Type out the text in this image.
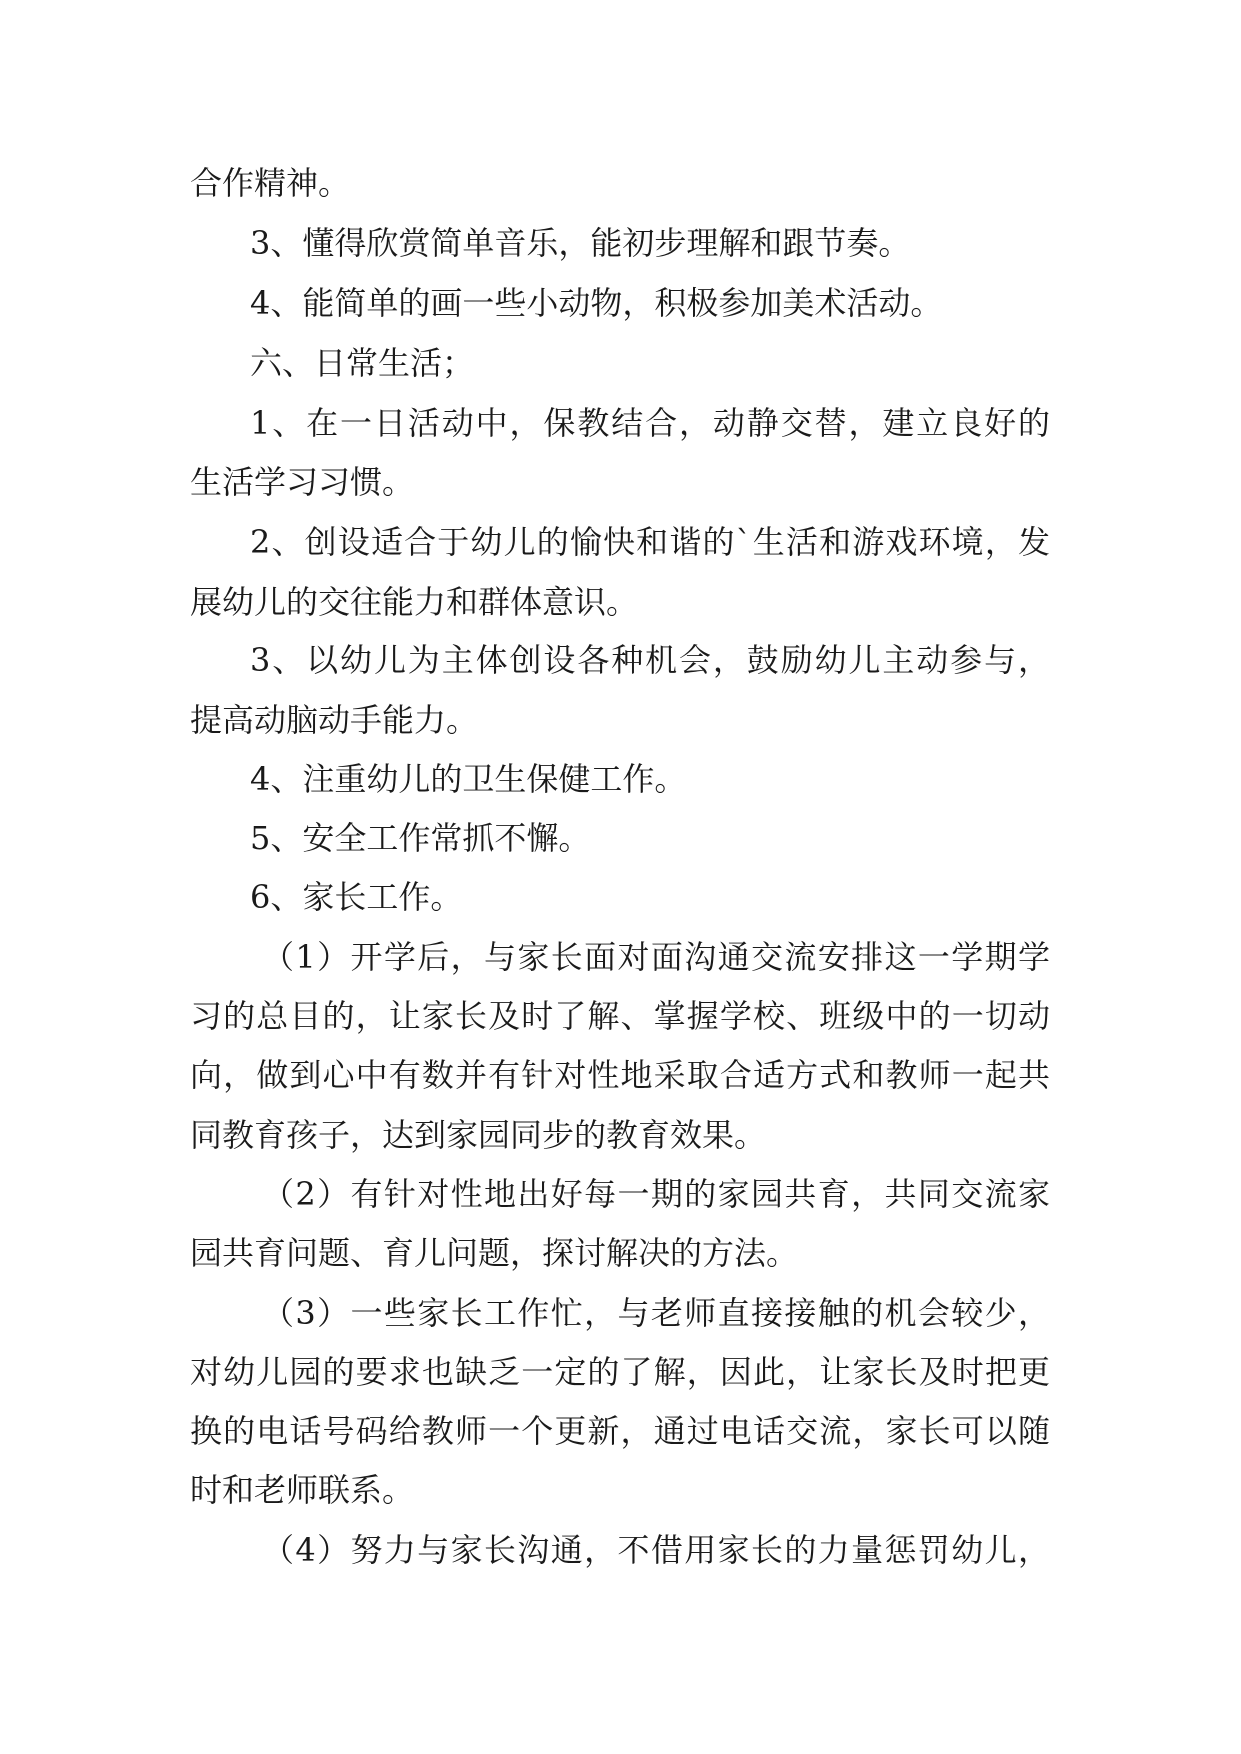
合作精神。

3、懂得欣赏简单音乐，能初步理解和跟节奏。

4、能简单的画一些小动物，积极参加美术活动。

六、日常生活；

1、在一日活动中，保教结合，动静交替，建立良好的

生活学习习惯。

2、创设适合于幼儿的愉快和谐的`生活和游戏环境，发

展幼儿的交往能力和群体意识。

3、以幼儿为主体创设各种机会，鼓励幼儿主动参与，

提高动脑动手能力。

4、注重幼儿的卫生保健工作。

5、安全工作常抓不懈。

6、家长工作。

（1）开学后，与家长面对面沟通交流安排这一学期学

习的总目的，让家长及时了解、掌握学校、班级中的一切动

向，做到心中有数并有针对性地采取合适方式和教师一起共

同教育孩子，达到家园同步的教育效果。

（2）有针对性地出好每一期的家园共育，共同交流家

园共育问题、育儿问题，探讨解决的方法。

（3）一些家长工作忙，与老师直接接触的机会较少，

对幼儿园的要求也缺乏一定的了解，因此，让家长及时把更

换的电话号码给教师一个更新，通过电话交流，家长可以随

时和老师联系。

（4）努力与家长沟通，不借用家长的力量惩罚幼儿，
